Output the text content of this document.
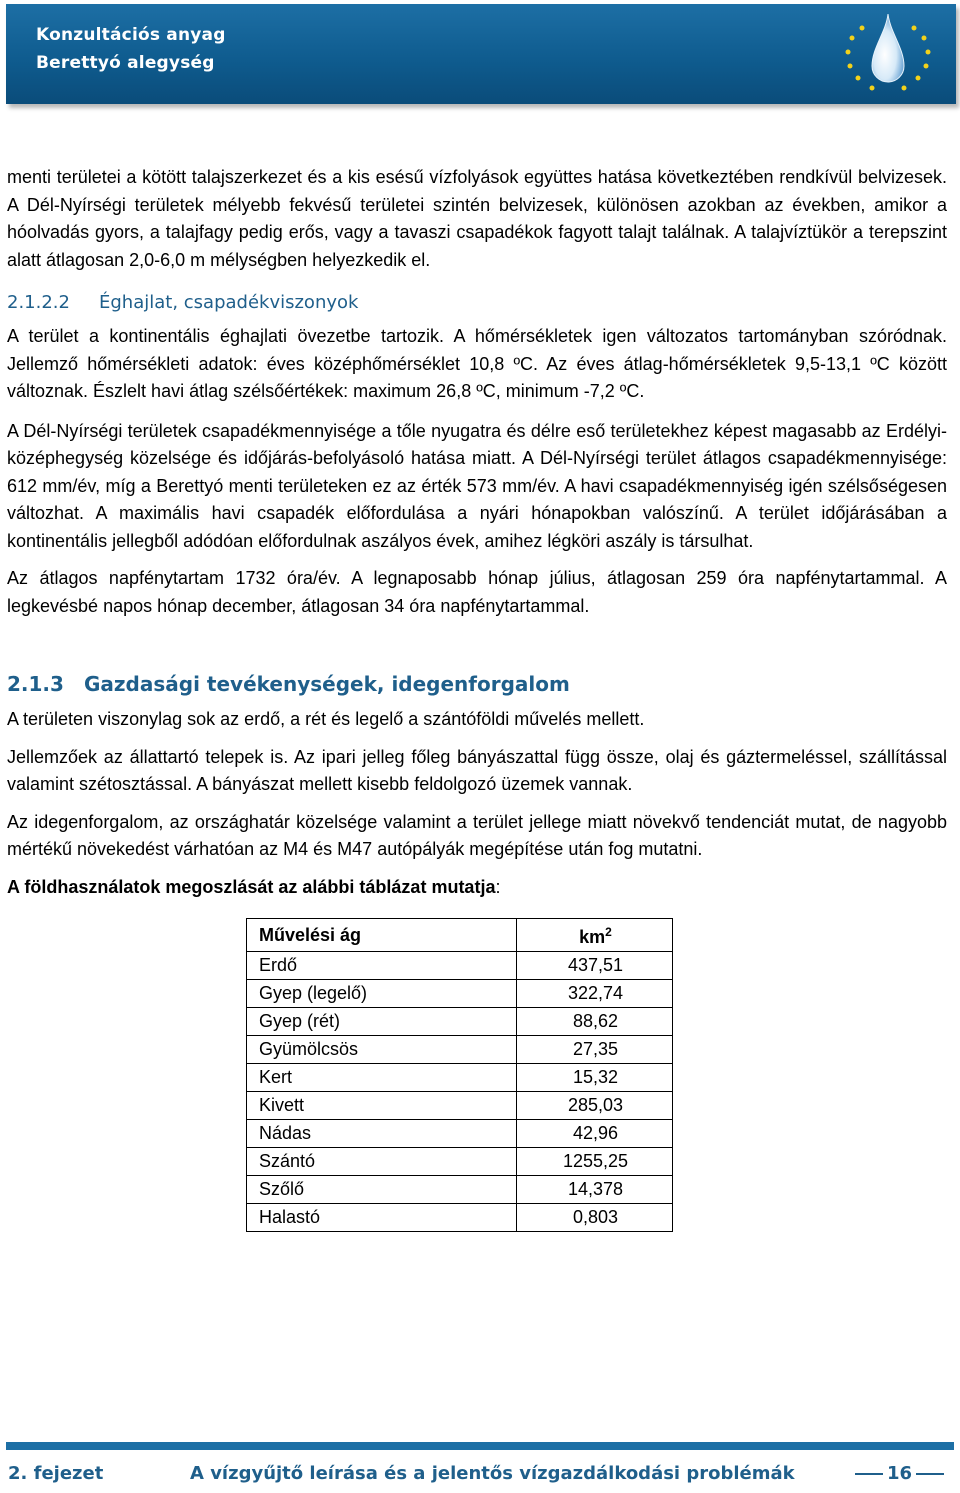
Konzultációs anyag
Berettyó alegység

menti területei a kötött talajszerkezet és a kis esésű vízfolyások együttes hatása következtében rendkívül belvizesek. A Dél-Nyírségi területek mélyebb fekvésű területei szintén belvizesek, különösen azokban az években, amikor a hóolvadás gyors, a talajfagy pedig erős, vagy a tavaszi csapadékok fagyott talajt találnak. A talajvíztükör a terepszint alatt átlagosan 2,0-6,0 m mélységben helyezkedik el.

2.1.2.2 Éghajlat, csapadékviszonyok

A terület a kontinentális éghajlati övezetbe tartozik. A hőmérsékletek igen változatos tartományban szóródnak. Jellemző hőmérsékleti adatok: éves középhőmérséklet 10,8 ºC. Az éves átlag-hőmérsékletek 9,5-13,1 ºC között változnak. Észlelt havi átlag szélsőértékek: maximum 26,8 ºC, minimum -7,2 ºC.

A Dél-Nyírségi területek csapadékmennyisége a tőle nyugatra és délre eső területekhez képest magasabb az Erdélyi-középhegység közelsége és időjárás-befolyásoló hatása miatt. A Dél-Nyírségi terület átlagos csapadékmennyisége: 612 mm/év, míg a Berettyó menti területeken ez az érték 573 mm/év. A havi csapadékmennyiség igén szélsőségesen változhat. A maximális havi csapadék előfordulása a nyári hónapokban valószínű. A terület időjárásában a kontinentális jellegből adódóan előfordulnak aszályos évek, amihez légköri aszály is társulhat.

Az átlagos napfénytartam 1732 óra/év. A legnaposabb hónap július, átlagosan 259 óra napfénytartammal. A legkevésbé napos hónap december, átlagosan 34 óra napfénytartammal.

2.1.3 Gazdasági tevékenységek, idegenforgalom

A területen viszonylag sok az erdő, a rét és legelő a szántóföldi művelés mellett.

Jellemzőek az állattartó telepek is. Az ipari jelleg főleg bányászattal függ össze, olaj és gáztermeléssel, szállítással valamint szétosztással. A bányászat mellett kisebb feldolgozó üzemek vannak.

Az idegenforgalom, az országhatár közelsége valamint a terület jellege miatt növekvő tendenciát mutat, de nagyobb mértékű növekedést várhatóan az M4 és M47 autópályák megépítése után fog mutatni.

A földhasználatok megoszlását az alábbi táblázat mutatja:

Művelési ág	$km^2$
Erdő	437,51
Gyep (legelő)	322,74
Gyep (rét)	88,62
Gyümölcsös	27,35
Kert	15,32
Kivett	285,03
Nádas	42,96
Szántó	1255,25
Szőlő	14,378
Halastó	0,803
2. fejezet	A vízgyűjtő leírása és a jelentős vízgazdálkodási problémák	16
